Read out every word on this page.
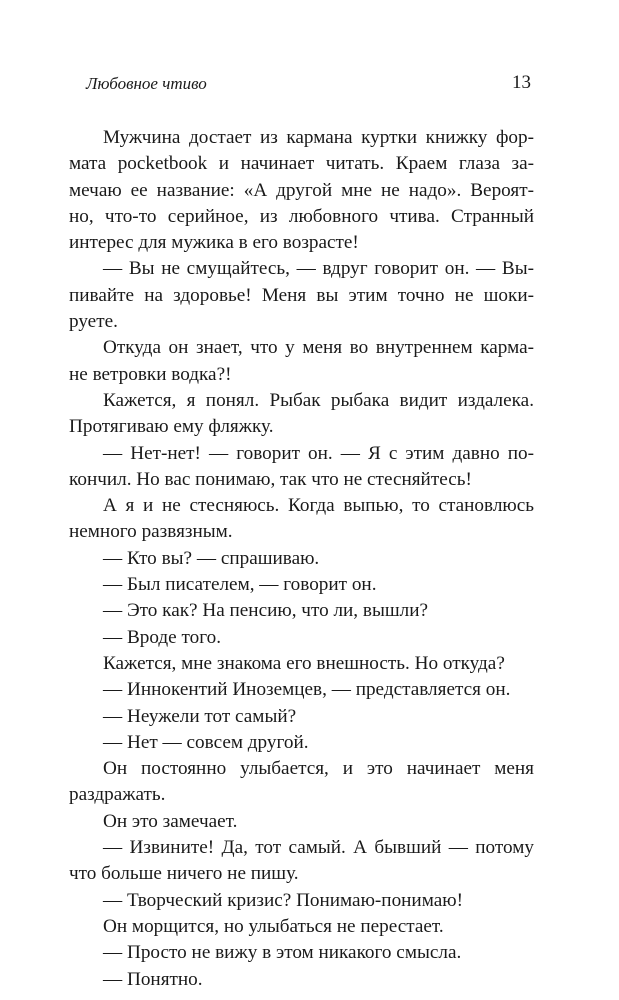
Любовное чтиво	13

Мужчина достает из кармана куртки книжку фор-
мата pocketbook и начинает читать. Краем глаза за-
мечаю ее название: «А другой мне не надо». Вероят-
но, что-то серийное, из любовного чтива. Странный
интерес для мужика в его возрасте!

— Вы не смущайтесь, — вдруг говорит он. — Вы-
пивайте на здоровье! Меня вы этим точно не шоки-
руете.

Откуда он знает, что у меня во внутреннем карма-
не ветровки водка?!

Кажется, я понял. Рыбак рыбака видит издалека.
Протягиваю ему фляжку.

— Нет-нет! — говорит он. — Я с этим давно по-
кончил. Но вас понимаю, так что не стесняйтесь!

А я и не стесняюсь. Когда выпью, то становлюсь
немного развязным.

— Кто вы? — спрашиваю.

— Был писателем, — говорит он.

— Это как? На пенсию, что ли, вышли?

— Вроде того.

Кажется, мне знакома его внешность. Но откуда?

— Иннокентий Иноземцев, — представляется он.

— Неужели тот самый?

— Нет — совсем другой.

Он постоянно улыбается, и это начинает меня
раздражать.

Он это замечает.

— Извините! Да, тот самый. А бывший — потому
что больше ничего не пишу.

— Творческий кризис? Понимаю-понимаю!

Он морщится, но улыбаться не перестает.

— Просто не вижу в этом никакого смысла.

— Понятно.
